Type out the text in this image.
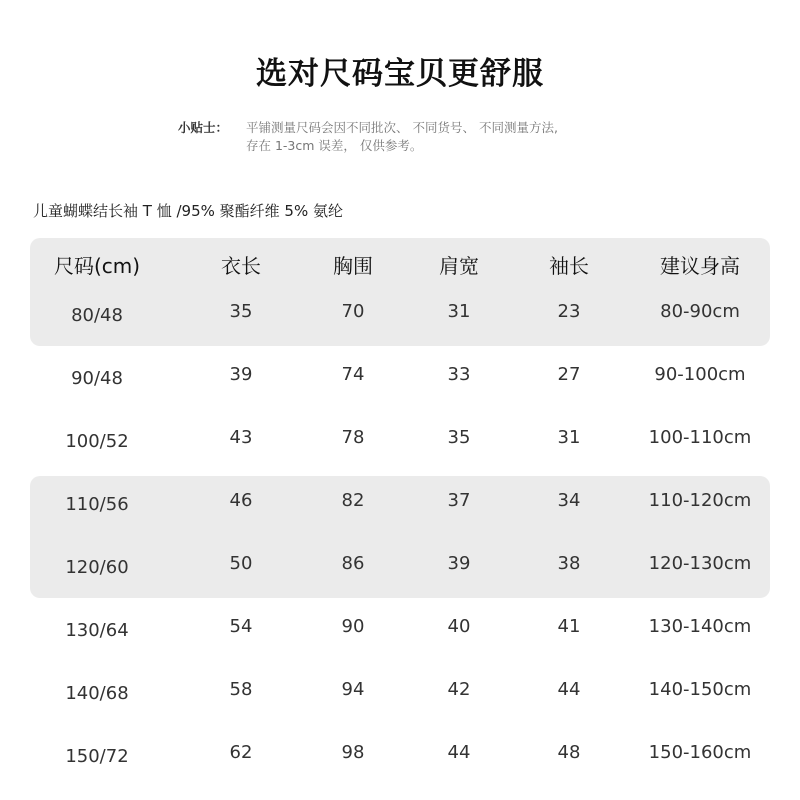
选对尺码宝贝更舒服
小贴士： 平铺测量尺码会因不同批次、 不同货号、 不同测量方法,
存在 1-3cm 误差， 仅供参考。
儿童蝴蝶结长袖 T 恤 /95% 聚酯纤维 5% 氨纶
尺码(cm)	衣长	胸围	肩宽	袖长	建议身高
80/48	35	70	31	23	80-90cm
90/48	39	74	33	27	90-100cm
100/52	43	78	35	31	100-110cm
110/56	46	82	37	34	110-120cm
120/60	50	86	39	38	120-130cm
130/64	54	90	40	41	130-140cm
140/68	58	94	42	44	140-150cm
150/72	62	98	44	48	150-160cm
